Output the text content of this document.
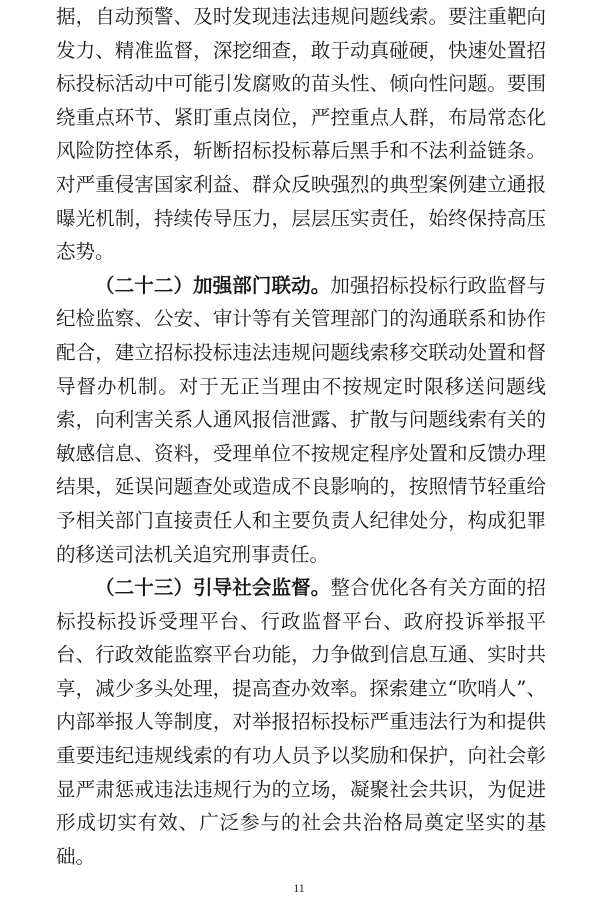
据，自动预警、及时发现违法违规问题线索。要注重靶向发力、精准监督，深挖细查，敢于动真碰硬，快速处置招标投标活动中可能引发腐败的苗头性、倾向性问题。要围绕重点环节、紧盯重点岗位，严控重点人群，布局常态化风险防控体系，斩断招标投标幕后黑手和不法利益链条。对严重侵害国家利益、群众反映强烈的典型案例建立通报曝光机制，持续传导压力，层层压实责任，始终保持高压态势。

（二十二）加强部门联动。加强招标投标行政监督与纪检监察、公安、审计等有关管理部门的沟通联系和协作配合，建立招标投标违法违规问题线索移交联动处置和督导督办机制。对于无正当理由不按规定时限移送问题线索，向利害关系人通风报信泄露、扩散与问题线索有关的敏感信息、资料，受理单位不按规定程序处置和反馈办理结果，延误问题查处或造成不良影响的，按照情节轻重给予相关部门直接责任人和主要负责人纪律处分，构成犯罪的移送司法机关追究刑事责任。

（二十三）引导社会监督。整合优化各有关方面的招标投标投诉受理平台、行政监督平台、政府投诉举报平台、行政效能监察平台功能，力争做到信息互通、实时共享，减少多头处理，提高查办效率。探索建立“吹哨人”、内部举报人等制度，对举报招标投标严重违法行为和提供重要违纪违规线索的有功人员予以奖励和保护，向社会彰显严肃惩戒违法违规行为的立场，凝聚社会共识，为促进形成切实有效、广泛参与的社会共治格局奠定坚实的基础。

11
